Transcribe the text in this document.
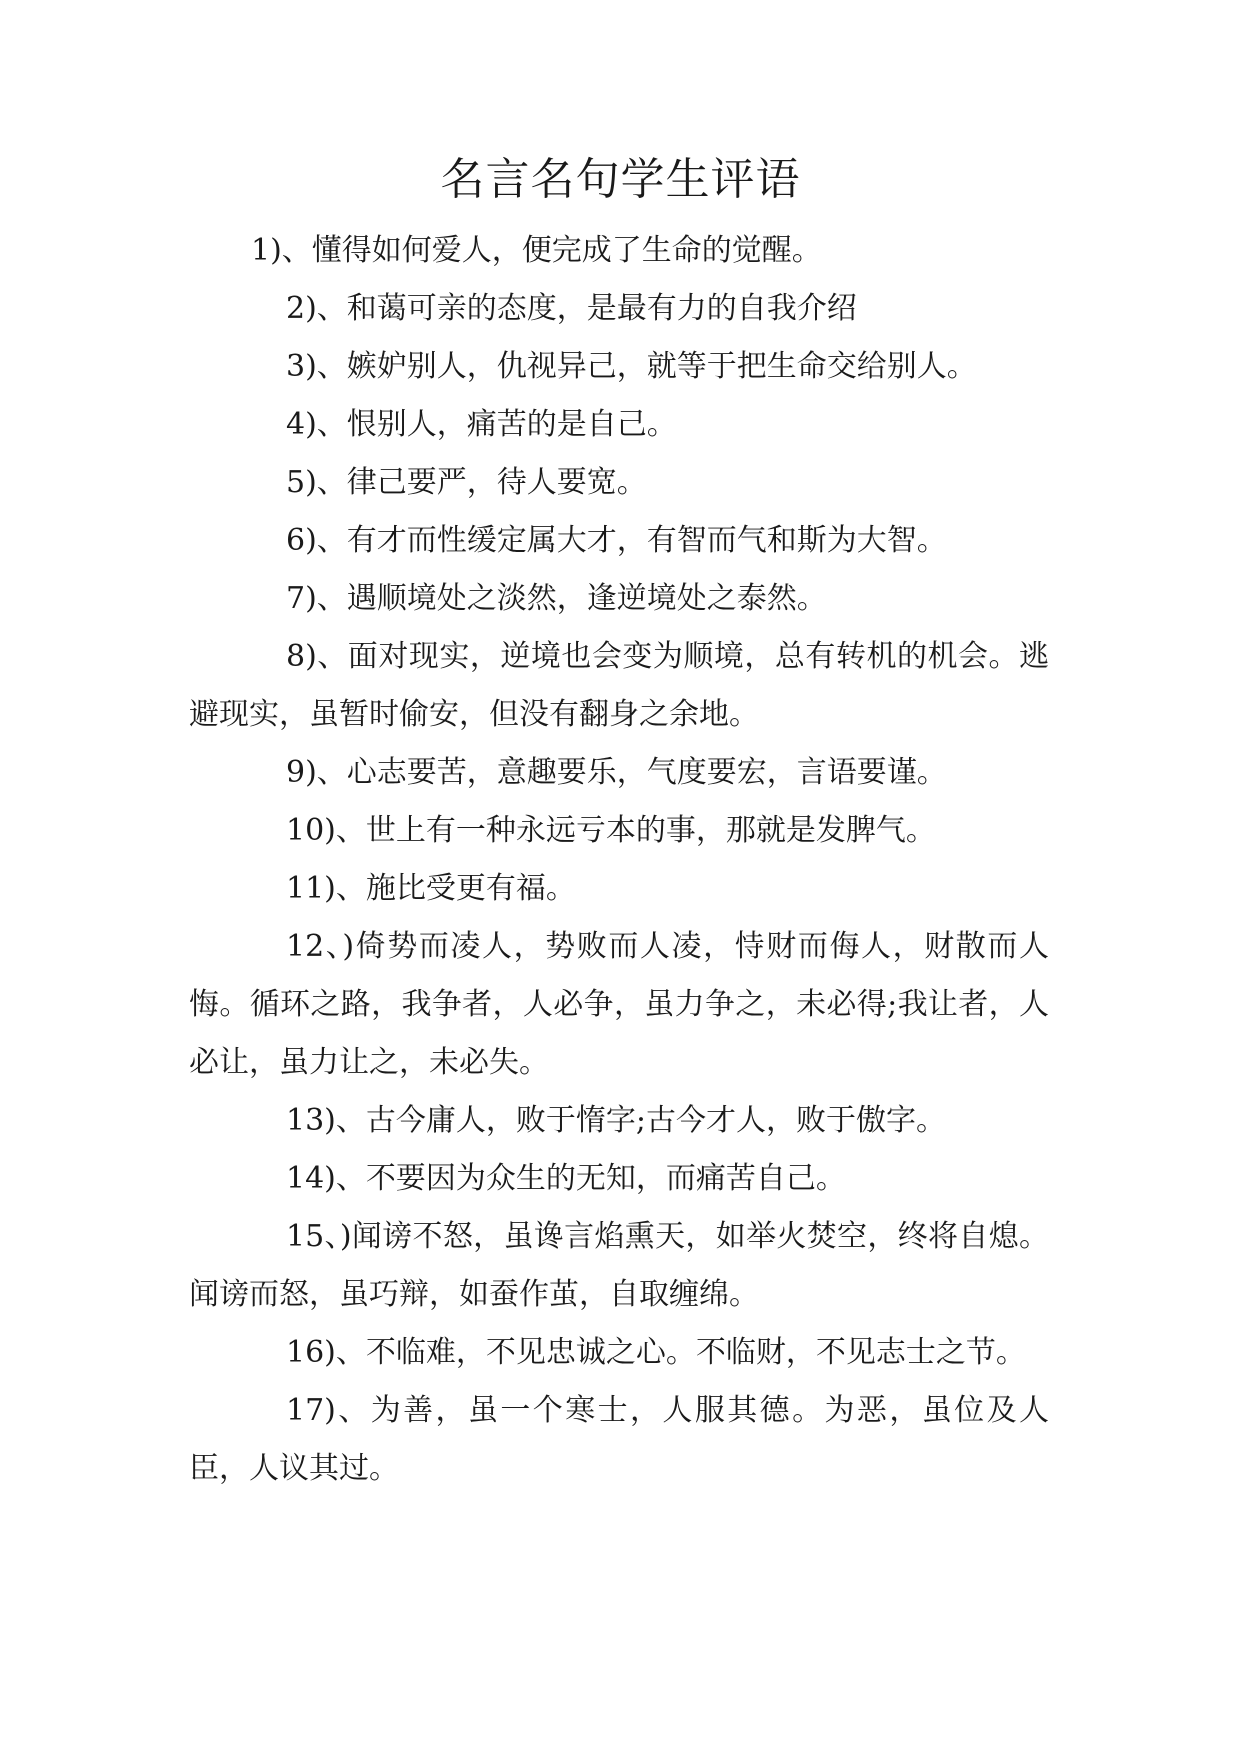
名言名句学生评语

1)、懂得如何爱人，便完成了生命的觉醒。

2)、和蔼可亲的态度，是最有力的自我介绍

3)、嫉妒别人，仇视异己，就等于把生命交给别人。

4)、恨别人，痛苦的是自己。

5)、律己要严，待人要宽。

6)、有才而性缓定属大才，有智而气和斯为大智。

7)、遇顺境处之淡然，逢逆境处之泰然。

8)、面对现实，逆境也会变为顺境，总有转机的机会。逃避现实，虽暂时偷安，但没有翻身之余地。

9)、心志要苦，意趣要乐，气度要宏，言语要谨。

10)、世上有一种永远亏本的事，那就是发脾气。

11)、施比受更有福。

12、)倚势而凌人，势败而人凌，恃财而侮人，财散而人悔。循环之路，我争者，人必争，虽力争之，未必得;我让者，人必让，虽力让之，未必失。

13)、古今庸人，败于惰字;古今才人，败于傲字。

14)、不要因为众生的无知，而痛苦自己。

15、)闻谤不怒，虽谗言焰熏天，如举火焚空，终将自熄。闻谤而怒，虽巧辩，如蚕作茧，自取缠绵。

16)、不临难，不见忠诚之心。不临财，不见志士之节。

17)、为善，虽一个寒士，人服其德。为恶，虽位及人臣，人议其过。
